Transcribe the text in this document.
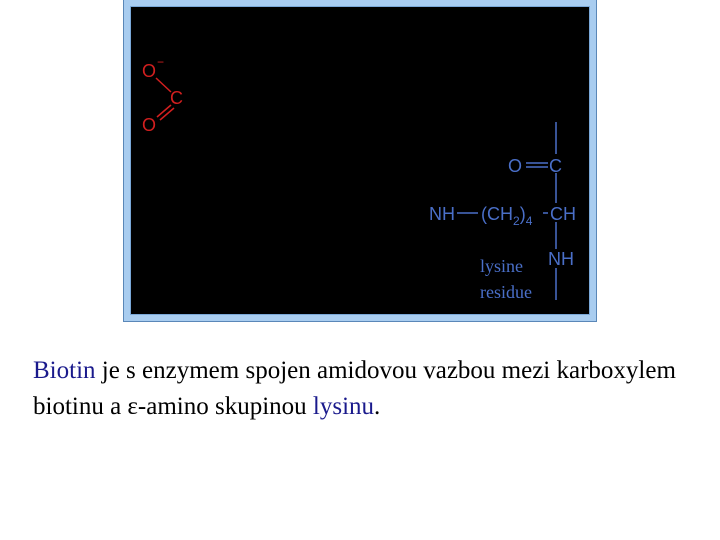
O −
C
O
O C
NH $(CH_2)_4$ CH
NH
lysine
residue
Biotin je s enzymem spojen amidovou vazbou mezi karboxylem biotinu a ε-amino skupinou lysinu.
